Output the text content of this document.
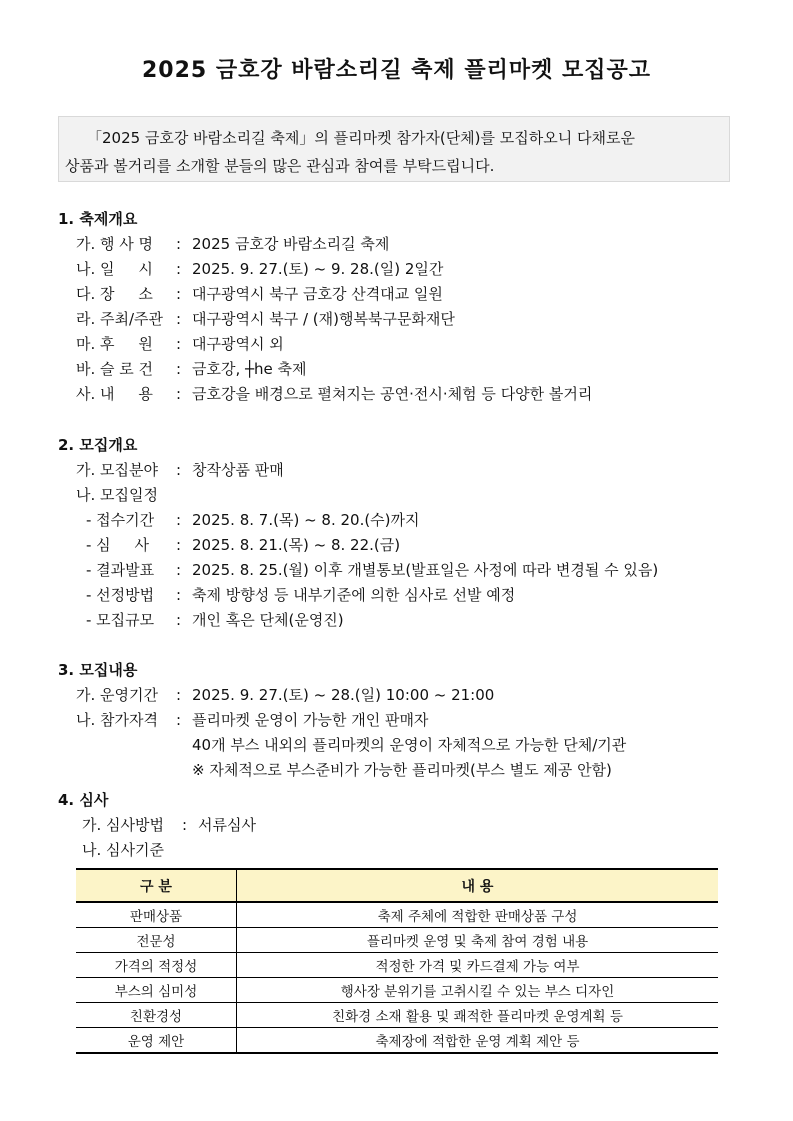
2025 금호강 바람소리길 축제 플리마켓 모집공고

「2025 금호강 바람소리길 축제」의 플리마켓 참가자(단체)를 모집하오니 다채로운

상품과 볼거리를 소개할 분들의 많은 관심과 참여를 부탁드립니다.

1. 축제개요
가. 행 사 명 : 2025 금호강 바람소리길 축제
나. 일     시 : 2025. 9. 27.(토) ~ 9. 28.(일) 2일간
다. 장     소 : 대구광역시 북구 금호강 산격대교 일원
라. 주최/주관 : 대구광역시 북구 / (재)행복북구문화재단
마. 후     원 : 대구광역시 외
바. 슬 로 건 : 금호강, ┼he 축제
사. 내     용 : 금호강을 배경으로 펼쳐지는 공연·전시·체험 등 다양한 볼거리
2. 모집개요
가. 모집분야 : 창작상품 판매
나. 모집일정
- 접수기간 : 2025. 8. 7.(목) ~ 8. 20.(수)까지
- 심     사 : 2025. 8. 21.(목) ~ 8. 22.(금)
- 결과발표 : 2025. 8. 25.(월) 이후 개별통보(발표일은 사정에 따라 변경될 수 있음)
- 선정방법 : 축제 방향성 등 내부기준에 의한 심사로 선발 예정
- 모집규모 : 개인 혹은 단체(운영진)
3. 모집내용
가. 운영기간 : 2025. 9. 27.(토) ~ 28.(일) 10:00 ~ 21:00
나. 참가자격 : 플리마켓 운영이 가능한 개인 판매자
40개 부스 내외의 플리마켓의 운영이 자체적으로 가능한 단체/기관
※ 자체적으로 부스준비가 가능한 플리마켓(부스 별도 제공 안함)
4. 심사
가. 심사방법 : 서류심사
나. 심사기준
구 분	내 용
판매상품	축제 주체에 적합한 판매상품 구성
전문성	플리마켓 운영 및 축제 참여 경험 내용
가격의 적정성	적정한 가격 및 카드결제 가능 여부
부스의 심미성	행사장 분위기를 고취시킬 수 있는 부스 디자인
친환경성	친화경 소재 활용 및 쾌적한 플리마켓 운영계획 등
운영 제안	축제장에 적합한 운영 계획 제안 등
